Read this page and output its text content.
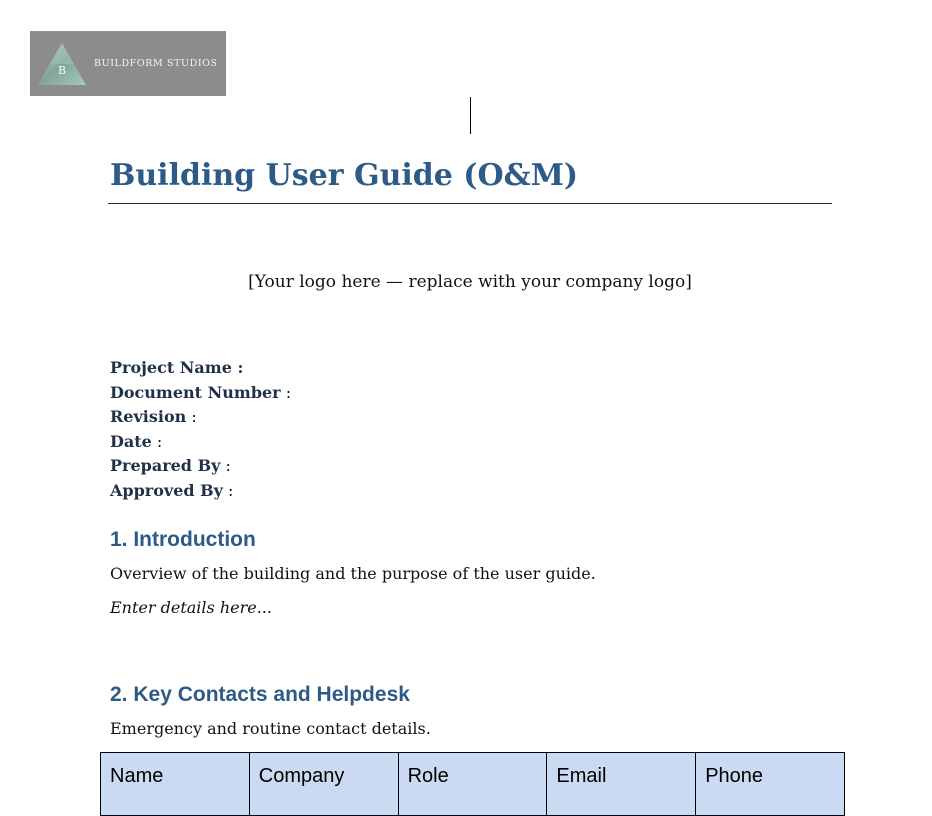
B
BUILDFORM STUDIOS
Building User Guide (O&M)
[Your logo here — replace with your company logo]
Project Name :
Document Number :
Revision :
Date :
Prepared By :
Approved By :
1. Introduction
Overview of the building and the purpose of the user guide.
Enter details here...
2. Key Contacts and Helpdesk
Emergency and routine contact details.
Name	Company	Role	Email	Phone
